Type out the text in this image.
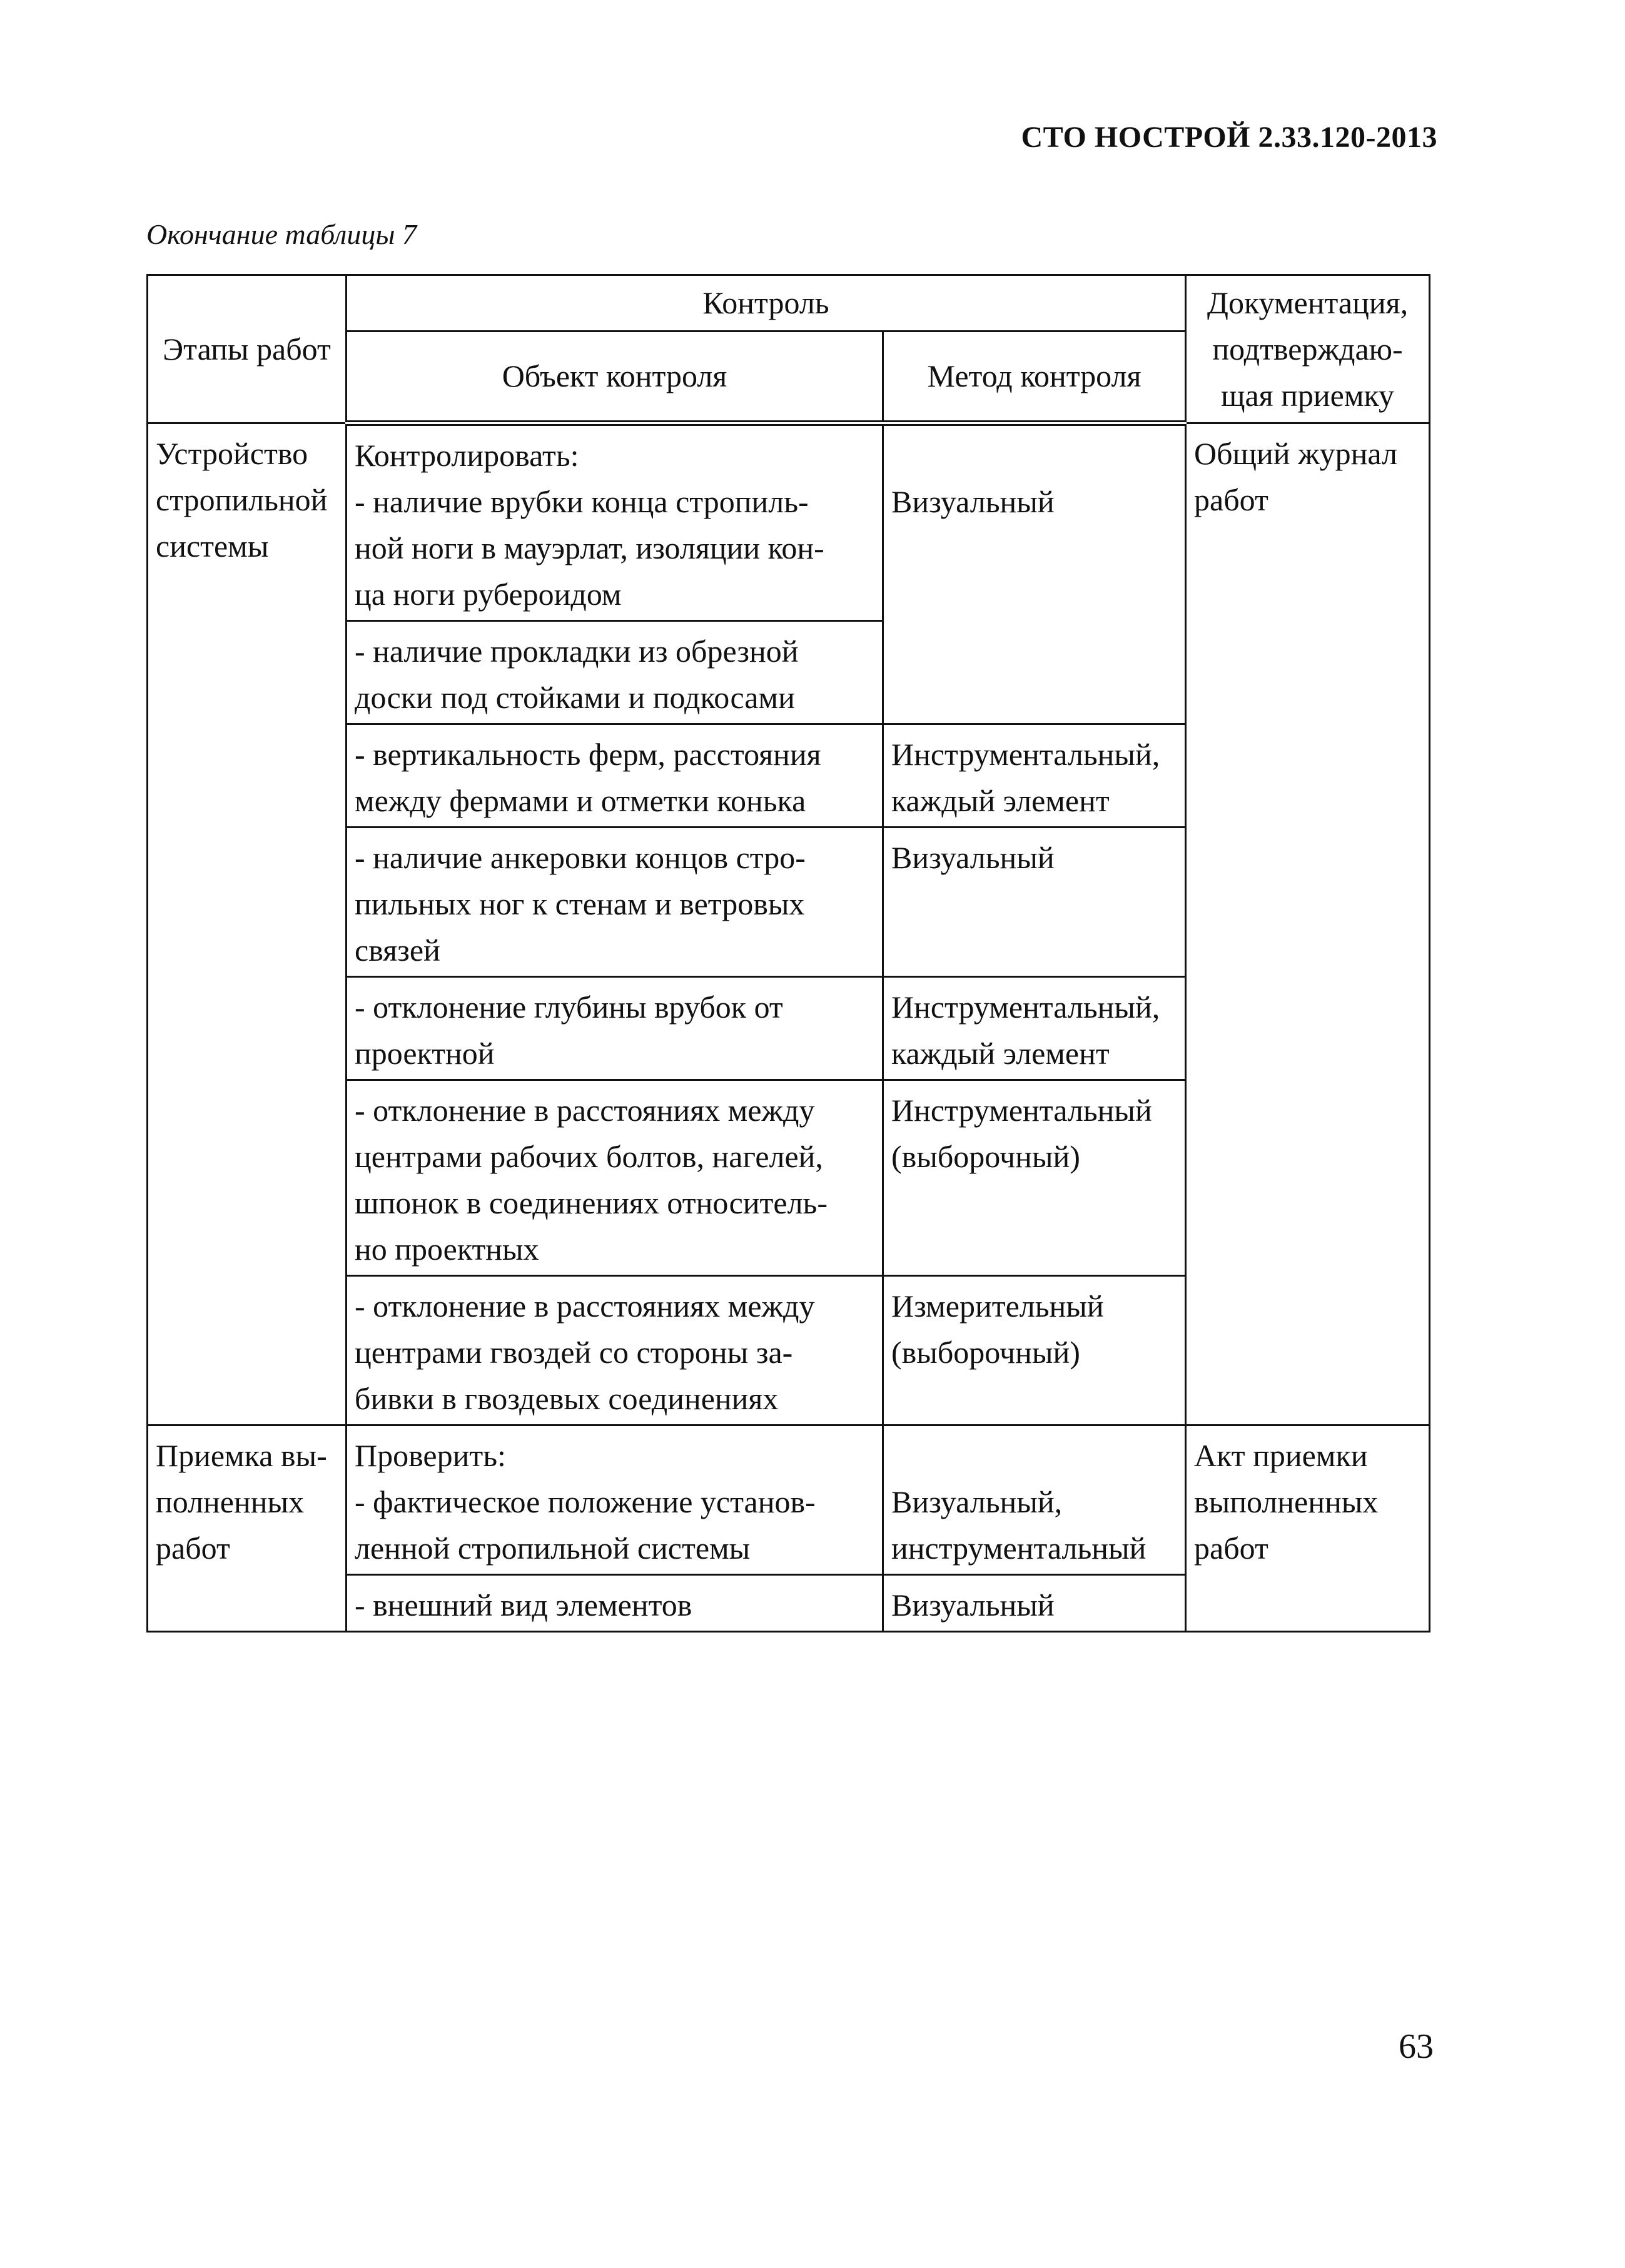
СТО НОСТРОЙ 2.33.120-2013
Окончание таблицы 7
Этапы работ	Контроль		Документация,
подтверждаю-
щая приемку

	Объект контроля	Метод контроля	

Устройство
стропильной
системы	Контролировать:
- наличие врубки конца стропиль-
ной ноги в мауэрлат, изоляции кон-
ца ноги рубероидом	Визуальный	Общий журнал
работ

	- наличие прокладки из обрезной
доски под стойками и подкосами		

	- вертикальность ферм, расстояния
между фермами и отметки конька	Инструментальный,
каждый элемент	

	- наличие анкеровки концов стро-
пильных ног к стенам и ветровых
связей	Визуальный	

	- отклонение глубины врубок от
проектной	Инструментальный,
каждый элемент	

	- отклонение в расстояниях между
центрами рабочих болтов, нагелей,
шпонок в соединениях относитель-
но проектных	Инструментальный
(выборочный)	

	- отклонение в расстояниях между
центрами гвоздей со стороны за-
бивки в гвоздевых соединениях	Измерительный
(выборочный)	

Приемка вы-
полненных
работ	Проверить:
- фактическое положение установ-
ленной стропильной системы	Визуальный,
инструментальный	Акт приемки
выполненных
работ

	- внешний вид элементов	Визуальный	
63
